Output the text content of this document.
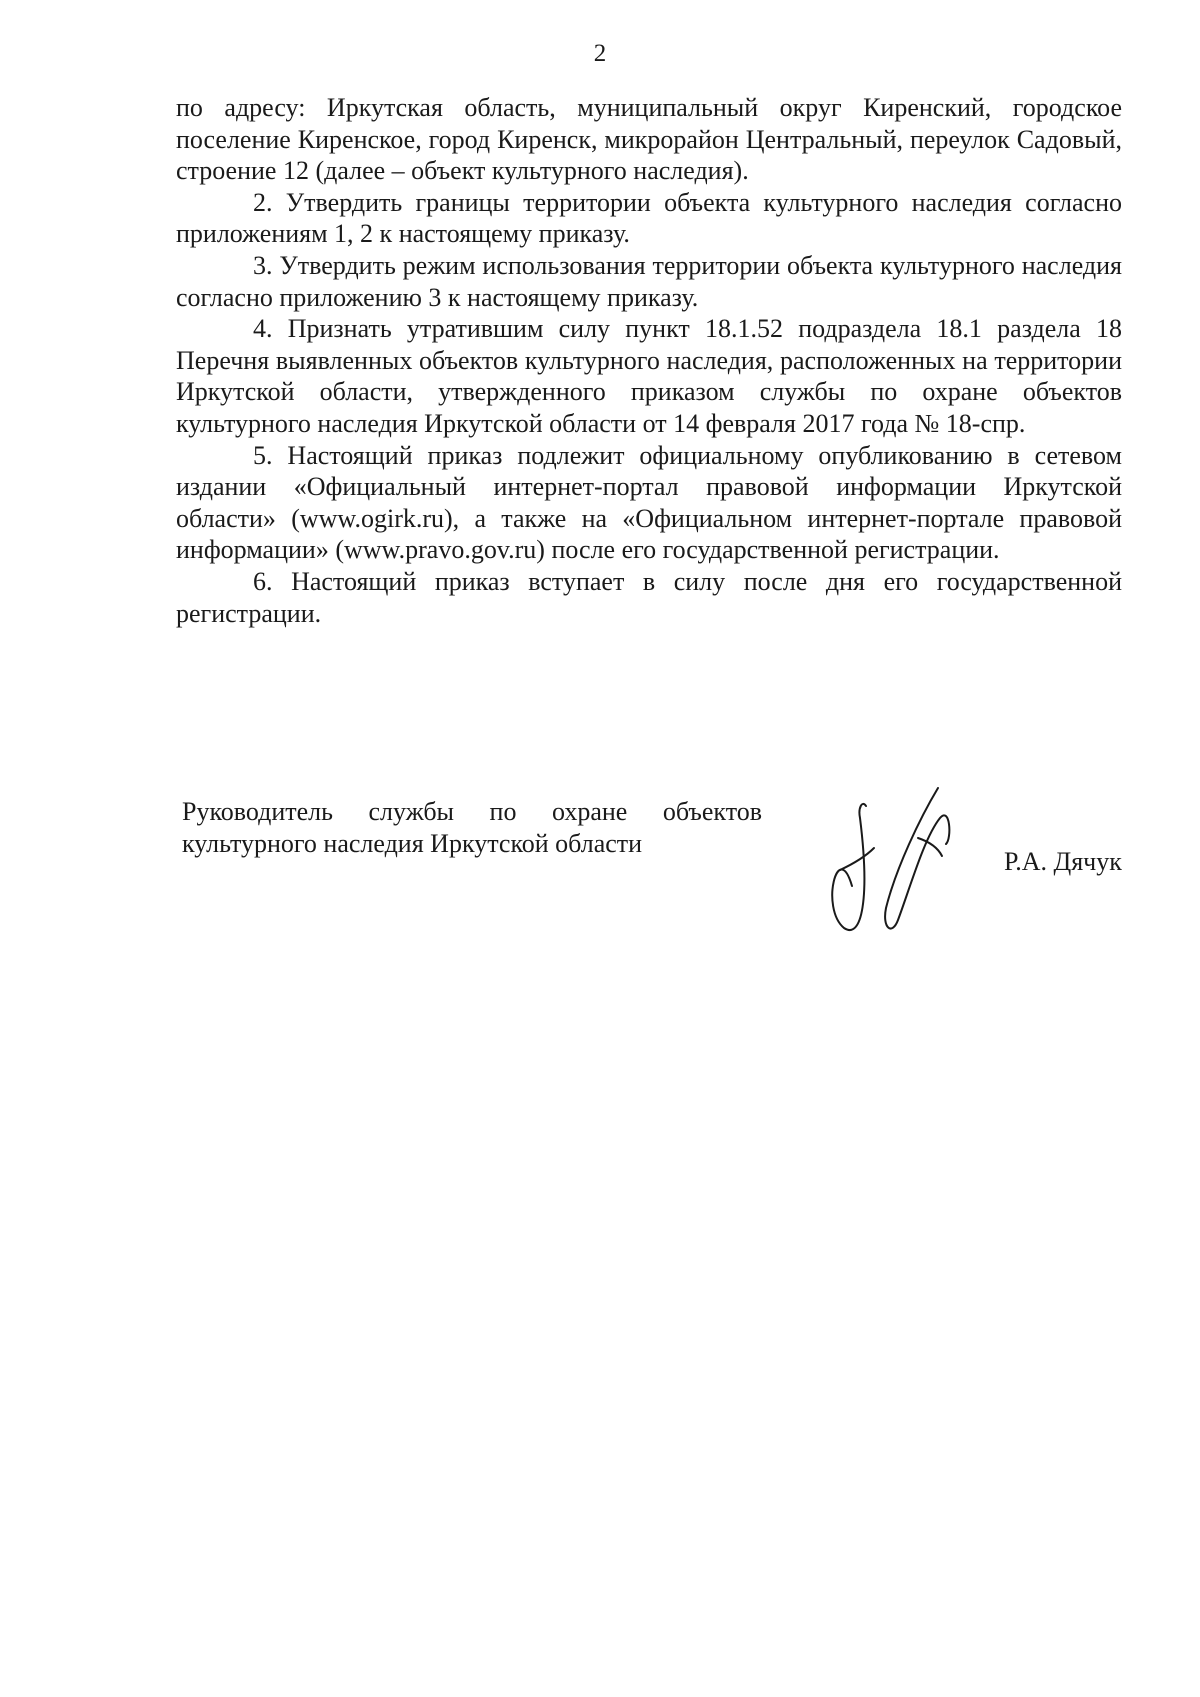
2

по адресу: Иркутская область, муниципальный округ Киренский, городское поселение Киренское, город Киренск, микрорайон Центральный, переулок Садовый, строение 12 (далее – объект культурного наследия).

2. Утвердить границы территории объекта культурного наследия согласно приложениям 1, 2 к настоящему приказу.

3. Утвердить режим использования территории объекта культурного наследия согласно приложению 3 к настоящему приказу.

4. Признать утратившим силу пункт 18.1.52 подраздела 18.1 раздела 18 Перечня выявленных объектов культурного наследия, расположенных на территории Иркутской области, утвержденного приказом службы по охране объектов культурного наследия Иркутской области от 14 февраля 2017 года № 18-спр.

5. Настоящий приказ подлежит официальному опубликованию в сетевом издании «Официальный интернет-портал правовой информации Иркутской области» (www.ogirk.ru), а также на «Официальном интернет-портале правовой информации» (www.pravo.gov.ru) после его государственной регистрации.

6. Настоящий приказ вступает в силу после дня его государственной регистрации.

Руководитель службы по охране объектов
культурного наследия Иркутской области
Р.А. Дячук
